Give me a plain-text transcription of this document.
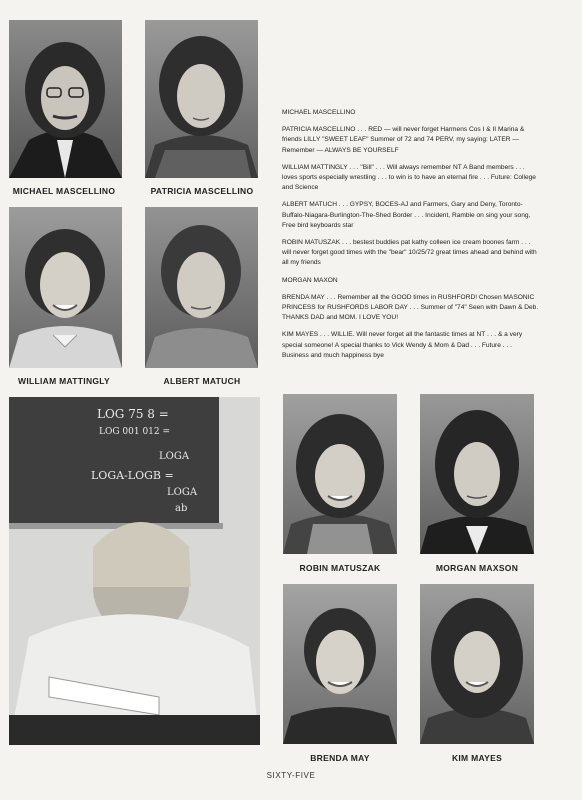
MICHAEL MASCELLINO	PATRICIA MASCELLINO
WILLIAM MATTINGLY	ALBERT MATUCH
LOG 75 8 =
LOG 001 012 =
LOGA
LOGA-LOGB =
LOGA
ab
MICHAEL MASCELLINO
PATRICIA MASCELLINO . . . RED — will never forget Harmens Cos I & II Marina & friends LILLY "SWEET LEAF" Summer of 72 and 74 PERV, my saying: LATER — Remember — ALWAYS BE YOURSELF
WILLIAM MATTINGLY . . . "Bill" . . . Will always remember NT A Band members . . . loves sports especially wrestling . . . to win is to have an eternal fire . . . Future: College and Science
ALBERT MATUCH . . . GYPSY, BOCES-AJ and Farmers, Gary and Deny, Toronto-Buffalo-Niagara-Burlington-The-Shed Border . . . Incident, Ramble on sing your song, Free bird keyboards star
ROBIN MATUSZAK . . . bestest buddies pat kathy colleen ice cream boones farm . . . will never forget good times with the "bear" 10/25/72 great times ahead and behind with all my friends
MORGAN MAXON
BRENDA MAY . . . Remember all the GOOD times in RUSHFORD! Chosen MASONIC PRINCESS for RUSHFORDS LABOR DAY . . . Summer of "74" Seen with Dawn & Deb. THANKS DAD and MOM. I LOVE YOU!
KIM MAYES . . . WILLIE. Will never forget all the fantastic times at NT . . . & a very special someone! A special thanks to Vick Wendy & Mom & Dad . . . Future . . . Business and much happiness bye
ROBIN MATUSZAK	MORGAN MAXSON
BRENDA MAY	KIM MAYES
SIXTY-FIVE
